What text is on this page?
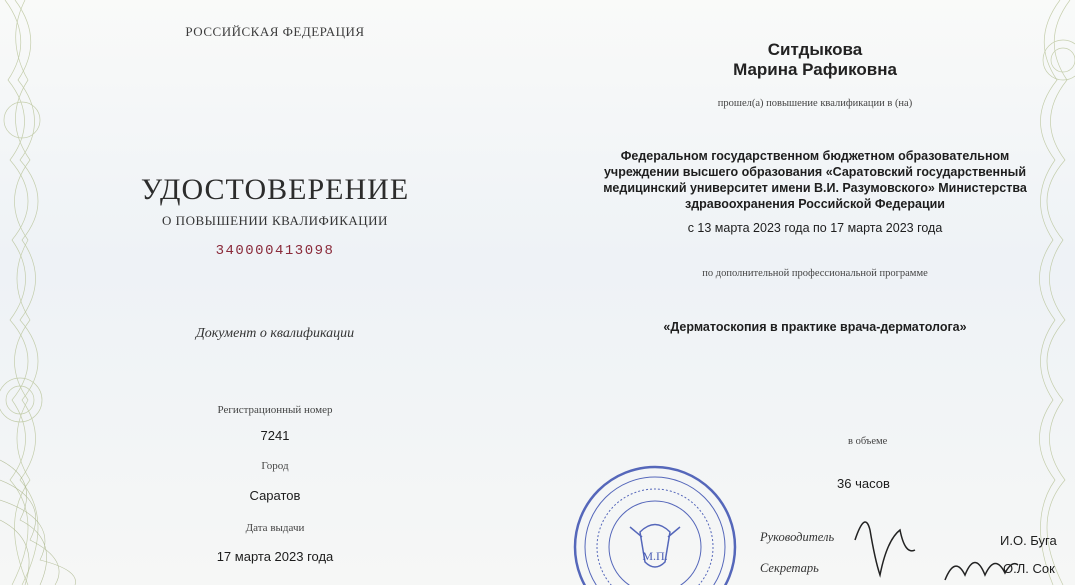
РОССИЙСКАЯ ФЕДЕРАЦИЯ
УДОСТОВЕРЕНИЕ
О ПОВЫШЕНИИ КВАЛИФИКАЦИИ
340000413098
Документ о квалификации
Регистрационный номер
7241
Город
Саратов
Дата выдачи
17 марта 2023 года
Ситдыкова
Марина Рафиковна
прошел(а) повышение квалификации в (на)
Федеральном государственном бюджетном образовательном
учреждении высшего образования «Саратовский государственный
медицинский университет имени В.И. Разумовского» Министерства
здравоохранения Российской Федерации
с 13 марта 2023 года по 17 марта 2023 года
по дополнительной профессиональной программе
«Дерматоскопия в практике врача-дерматолога»
в объеме
36 часов
М.П.
Руководитель
Секретарь
И.О. Буга
О.Л. Сок
